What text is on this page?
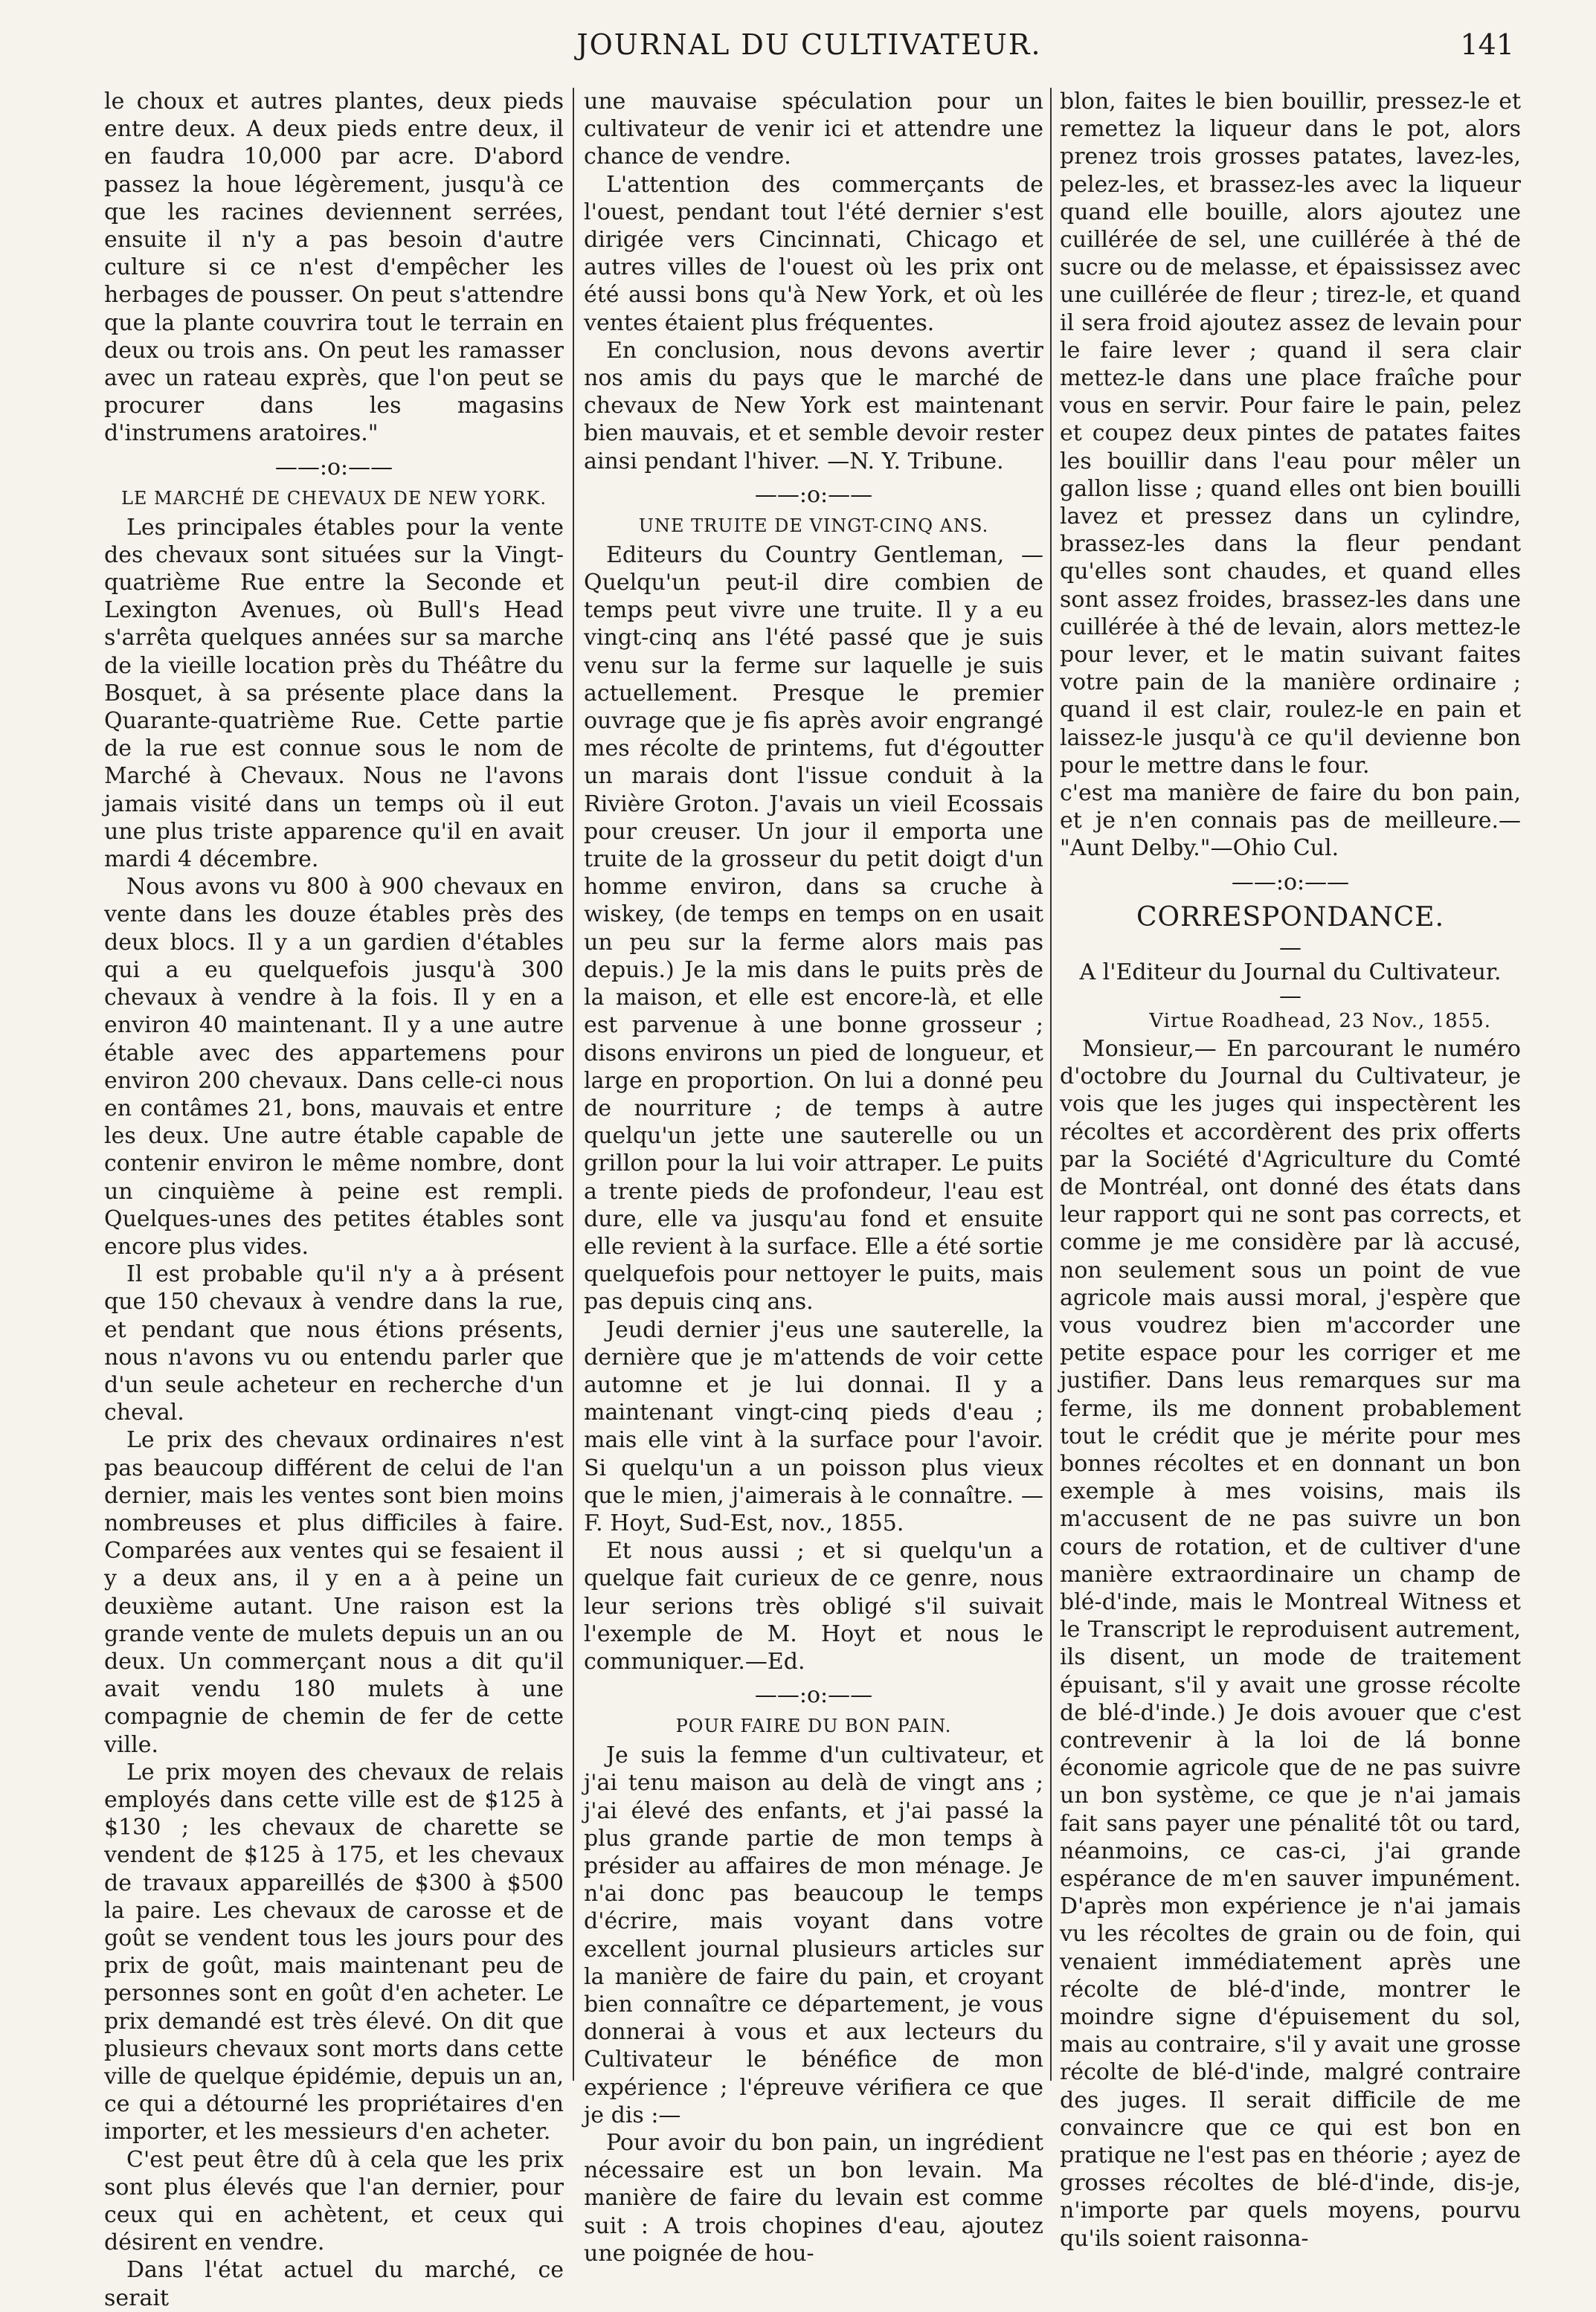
JOURNAL DU CULTIVATEUR.	141

le choux et autres plantes, deux pieds entre deux. A deux pieds entre deux, il en faudra 10,000 par acre. D'abord passez la houe légèrement, jusqu'à ce que les racines deviennent serrées, ensuite il n'y a pas besoin d'autre culture si ce n'est d'empêcher les herbages de pousser. On peut s'attendre que la plante couvrira tout le terrain en deux ou trois ans. On peut les ramasser avec un rateau exprès, que l'on peut se procurer dans les magasins d'instrumens aratoires."

——:o:——
LE MARCHÉ DE CHEVAUX DE NEW YORK.

Les principales étables pour la vente des chevaux sont situées sur la Vingt-quatrième Rue entre la Seconde et Lexington Avenues, où Bull's Head s'arrêta quelques années sur sa marche de la vieille location près du Théâtre du Bosquet, à sa présente place dans la Quarante-quatrième Rue. Cette partie de la rue est connue sous le nom de Marché à Chevaux. Nous ne l'avons jamais visité dans un temps où il eut une plus triste apparence qu'il en avait mardi 4 décembre.

Nous avons vu 800 à 900 chevaux en vente dans les douze étables près des deux blocs. Il y a un gardien d'étables qui a eu quelquefois jusqu'à 300 chevaux à vendre à la fois. Il y en a environ 40 maintenant. Il y a une autre étable avec des appartemens pour environ 200 chevaux. Dans celle-ci nous en contâmes 21, bons, mauvais et entre les deux. Une autre étable capable de contenir environ le même nombre, dont un cinquième à peine est rempli. Quelques-unes des petites étables sont encore plus vides.

Il est probable qu'il n'y a à présent que 150 chevaux à vendre dans la rue, et pendant que nous étions présents, nous n'avons vu ou entendu parler que d'un seule acheteur en recherche d'un cheval.

Le prix des chevaux ordinaires n'est pas beaucoup différent de celui de l'an dernier, mais les ventes sont bien moins nombreuses et plus difficiles à faire. Comparées aux ventes qui se fesaient il y a deux ans, il y en a à peine un deuxième autant. Une raison est la grande vente de mulets depuis un an ou deux. Un commerçant nous a dit qu'il avait vendu 180 mulets à une compagnie de chemin de fer de cette ville.

Le prix moyen des chevaux de relais employés dans cette ville est de $125 à $130 ; les chevaux de charette se vendent de $125 à 175, et les chevaux de travaux appareillés de $300 à $500 la paire. Les chevaux de carosse et de goût se vendent tous les jours pour des prix de goût, mais maintenant peu de personnes sont en goût d'en acheter. Le prix demandé est très élevé. On dit que plusieurs chevaux sont morts dans cette ville de quelque épidémie, depuis un an, ce qui a détourné les propriétaires d'en importer, et les messieurs d'en acheter.

C'est peut être dû à cela que les prix sont plus élevés que l'an dernier, pour ceux qui en achètent, et ceux qui désirent en vendre.

Dans l'état actuel du marché, ce serait

une mauvaise spéculation pour un cultivateur de venir ici et attendre une chance de vendre.

L'attention des commerçants de l'ouest, pendant tout l'été dernier s'est dirigée vers Cincinnati, Chicago et autres villes de l'ouest où les prix ont été aussi bons qu'à New York, et où les ventes étaient plus fréquentes.

En conclusion, nous devons avertir nos amis du pays que le marché de chevaux de New York est maintenant bien mauvais, et et semble devoir rester ainsi pendant l'hiver. —N. Y. Tribune.

——:o:——
UNE TRUITE DE VINGT-CINQ ANS.

Editeurs du Country Gentleman, — Quelqu'un peut-il dire combien de temps peut vivre une truite. Il y a eu vingt-cinq ans l'été passé que je suis venu sur la ferme sur laquelle je suis actuellement. Presque le premier ouvrage que je fis après avoir engrangé mes récolte de printems, fut d'égoutter un marais dont l'issue conduit à la Rivière Groton. J'avais un vieil Ecossais pour creuser. Un jour il emporta une truite de la grosseur du petit doigt d'un homme environ, dans sa cruche à wiskey, (de temps en temps on en usait un peu sur la ferme alors mais pas depuis.) Je la mis dans le puits près de la maison, et elle est encore-là, et elle est parvenue à une bonne grosseur ; disons environs un pied de longueur, et large en proportion. On lui a donné peu de nourriture ; de temps à autre quelqu'un jette une sauterelle ou un grillon pour la lui voir attraper. Le puits a trente pieds de profondeur, l'eau est dure, elle va jusqu'au fond et ensuite elle revient à la surface. Elle a été sortie quelquefois pour nettoyer le puits, mais pas depuis cinq ans.

Jeudi dernier j'eus une sauterelle, la dernière que je m'attends de voir cette automne et je lui donnai. Il y a maintenant vingt-cinq pieds d'eau ; mais elle vint à la surface pour l'avoir. Si quelqu'un a un poisson plus vieux que le mien, j'aimerais à le connaître. —F. Hoyt, Sud-Est, nov., 1855.

Et nous aussi ; et si quelqu'un a quelque fait curieux de ce genre, nous leur serions très obligé s'il suivait l'exemple de M. Hoyt et nous le communiquer.—Ed.

——:o:——
POUR FAIRE DU BON PAIN.

Je suis la femme d'un cultivateur, et j'ai tenu maison au delà de vingt ans ; j'ai élevé des enfants, et j'ai passé la plus grande partie de mon temps à présider au affaires de mon ménage. Je n'ai donc pas beaucoup le temps d'écrire, mais voyant dans votre excellent journal plusieurs articles sur la manière de faire du pain, et croyant bien connaître ce département, je vous donnerai à vous et aux lecteurs du Cultivateur le bénéfice de mon expérience ; l'épreuve vérifiera ce que je dis :—

Pour avoir du bon pain, un ingrédient nécessaire est un bon levain. Ma manière de faire du levain est comme suit : A trois chopines d'eau, ajoutez une poignée de hou-

blon, faites le bien bouillir, pressez-le et remettez la liqueur dans le pot, alors prenez trois grosses patates, lavez-les, pelez-les, et brassez-les avec la liqueur quand elle bouille, alors ajoutez une cuillérée de sel, une cuillérée à thé de sucre ou de melasse, et épaississez avec une cuillérée de fleur ; tirez-le, et quand il sera froid ajoutez assez de levain pour le faire lever ; quand il sera clair mettez-le dans une place fraîche pour vous en servir. Pour faire le pain, pelez et coupez deux pintes de patates faites les bouillir dans l'eau pour mêler un gallon lisse ; quand elles ont bien bouilli lavez et pressez dans un cylindre, brassez-les dans la fleur pendant qu'elles sont chaudes, et quand elles sont assez froides, brassez-les dans une cuillérée à thé de levain, alors mettez-le pour lever, et le matin suivant faites votre pain de la manière ordinaire ; quand il est clair, roulez-le en pain et laissez-le jusqu'à ce qu'il devienne bon pour le mettre dans le four.

c'est ma manière de faire du bon pain, et je n'en connais pas de meilleure.— "Aunt Delby."—Ohio Cul.

——:o:——
CORRESPONDANCE.
—
A l'Editeur du Journal du Cultivateur.
—
Virtue Roadhead, 23 Nov., 1855.

Monsieur,— En parcourant le numéro d'octobre du Journal du Cultivateur, je vois que les juges qui inspectèrent les récoltes et accordèrent des prix offerts par la Société d'Agriculture du Comté de Montréal, ont donné des états dans leur rapport qui ne sont pas corrects, et comme je me considère par là accusé, non seulement sous un point de vue agricole mais aussi moral, j'espère que vous voudrez bien m'accorder une petite espace pour les corriger et me justifier. Dans leus remarques sur ma ferme, ils me donnent probablement tout le crédit que je mérite pour mes bonnes récoltes et en donnant un bon exemple à mes voisins, mais ils m'accusent de ne pas suivre un bon cours de rotation, et de cultiver d'une manière extraordinaire un champ de blé-d'inde, mais le Montreal Witness et le Transcript le reproduisent autrement, ils disent, un mode de traitement épuisant, s'il y avait une grosse récolte de blé-d'inde.) Je dois avouer que c'est contrevenir à la loi de lá bonne économie agricole que de ne pas suivre un bon système, ce que je n'ai jamais fait sans payer une pénalité tôt ou tard, néanmoins, ce cas-ci, j'ai grande espérance de m'en sauver impunément. D'après mon expérience je n'ai jamais vu les récoltes de grain ou de foin, qui venaient immédiatement après une récolte de blé-d'inde, montrer le moindre signe d'épuisement du sol, mais au contraire, s'il y avait une grosse récolte de blé-d'inde, malgré contraire des juges. Il serait difficile de me convaincre que ce qui est bon en pratique ne l'est pas en théorie ; ayez de grosses récoltes de blé-d'inde, dis-je, n'importe par quels moyens, pourvu qu'ils soient raisonna-
